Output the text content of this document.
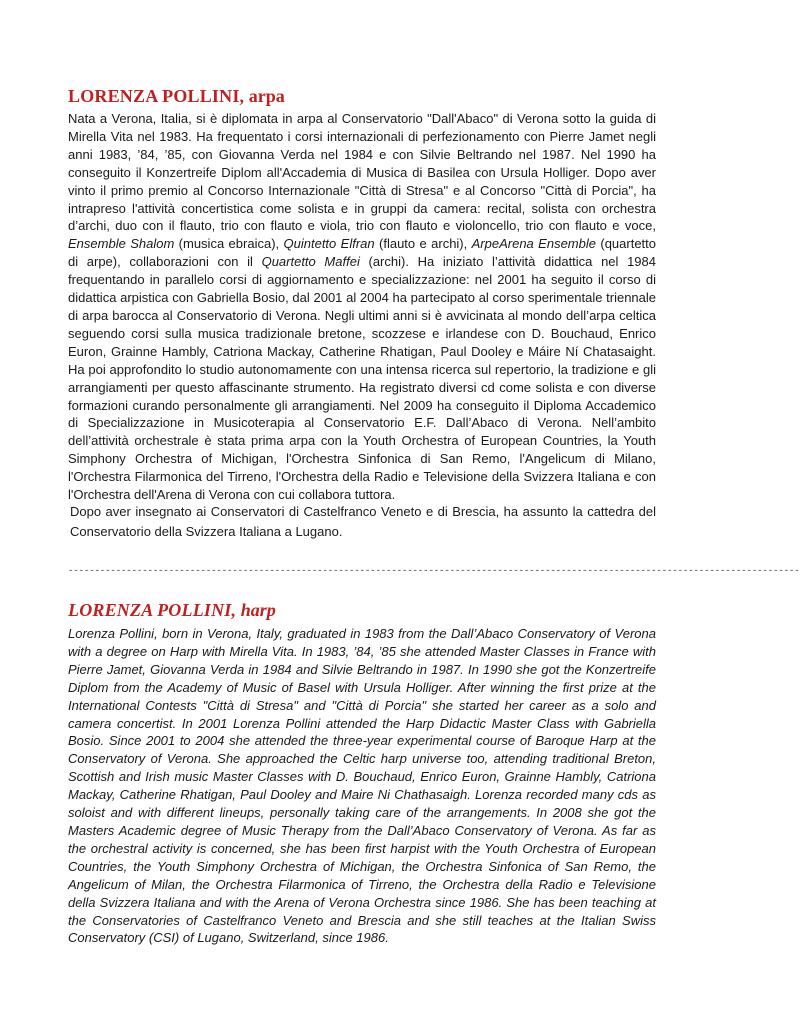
LORENZA POLLINI, arpa

Nata a Verona, Italia, si è diplomata in arpa al Conservatorio "Dall'Abaco" di Verona sotto la guida di Mirella Vita nel 1983. Ha frequentato i corsi internazionali di perfezionamento con Pierre Jamet negli anni 1983, ’84, ’85, con Giovanna Verda nel 1984 e con Silvie Beltrando nel 1987. Nel 1990 ha conseguito il Konzertreife Diplom all'Accademia di Musica di Basilea con Ursula Holliger. Dopo aver vinto il primo premio al Concorso Internazionale "Città di Stresa" e al Concorso "Città di Porcia", ha intrapreso l'attività concertistica come solista e in gruppi da camera: recital, solista con orchestra d’archi, duo con il flauto, trio con flauto e viola, trio con flauto e violoncello, trio con flauto e voce, Ensemble Shalom (musica ebraica), Quintetto Elfran (flauto e archi), ArpeArena Ensemble (quartetto di arpe), collaborazioni con il Quartetto Maffei (archi). Ha iniziato l’attività didattica nel 1984 frequentando in parallelo corsi di aggiornamento e specializzazione: nel 2001 ha seguito il corso di didattica arpistica con Gabriella Bosio, dal 2001 al 2004 ha partecipato al corso sperimentale triennale di arpa barocca al Conservatorio di Verona. Negli ultimi anni si è avvicinata al mondo dell’arpa celtica seguendo corsi sulla musica tradizionale bretone, scozzese e irlandese con D. Bouchaud, Enrico Euron, Grainne Hambly, Catriona Mackay, Catherine Rhatigan, Paul Dooley e Máire Ní Chatasaight. Ha poi approfondito lo studio autonomamente con una intensa ricerca sul repertorio, la tradizione e gli arrangiamenti per questo affascinante strumento. Ha registrato diversi cd come solista e con diverse formazioni curando personalmente gli arrangiamenti. Nel 2009 ha conseguito il Diploma Accademico di Specializzazione in Musicoterapia al Conservatorio E.F. Dall’Abaco di Verona. Nell’ambito dell’attività orchestrale è stata prima arpa con la Youth Orchestra of European Countries, la Youth Simphony Orchestra of Michigan, l'Orchestra Sinfonica di San Remo, l'Angelicum di Milano, l'Orchestra Filarmonica del Tirreno, l'Orchestra della Radio e Televisione della Svizzera Italiana e con l'Orchestra dell'Arena di Verona con cui collabora tuttora.

Dopo aver insegnato ai Conservatori di Castelfranco Veneto e di Brescia, ha assunto la cattedra del Conservatorio della Svizzera Italiana a Lugano.

------------------------------------------------------------------------------------------------------------------------------------------
LORENZA POLLINI, harp

Lorenza Pollini, born in Verona, Italy, graduated in 1983 from the Dall’Abaco Conservatory of Verona with a degree on Harp with Mirella Vita. In 1983, ’84, ’85 she attended Master Classes in France with Pierre Jamet, Giovanna Verda in 1984 and Silvie Beltrando in 1987. In 1990 she got the Konzertreife Diplom from the Academy of Music of Basel with Ursula Holliger. After winning the first prize at the International Contests "Città di Stresa" and "Città di Porcia" she started her career as a solo and camera concertist. In 2001 Lorenza Pollini attended the Harp Didactic Master Class with Gabriella Bosio. Since 2001 to 2004 she attended the three-year experimental course of Baroque Harp at the Conservatory of Verona. She approached the Celtic harp universe too, attending traditional Breton, Scottish and Irish music Master Classes with D. Bouchaud, Enrico Euron, Grainne Hambly, Catriona Mackay, Catherine Rhatigan, Paul Dooley and Maire Ni Chathasaigh. Lorenza recorded many cds as soloist and with different lineups, personally taking care of the arrangements. In 2008 she got the Masters Academic degree of Music Therapy from the Dall’Abaco Conservatory of Verona. As far as the orchestral activity is concerned, she has been first harpist with the Youth Orchestra of European Countries, the Youth Simphony Orchestra of Michigan, the Orchestra Sinfonica of San Remo, the Angelicum of Milan, the Orchestra Filarmonica of Tirreno, the Orchestra della Radio e Televisione della Svizzera Italiana and with the Arena of Verona Orchestra since 1986. She has been teaching at the Conservatories of Castelfranco Veneto and Brescia and she still teaches at the Italian Swiss Conservatory (CSI) of Lugano, Switzerland, since 1986.
